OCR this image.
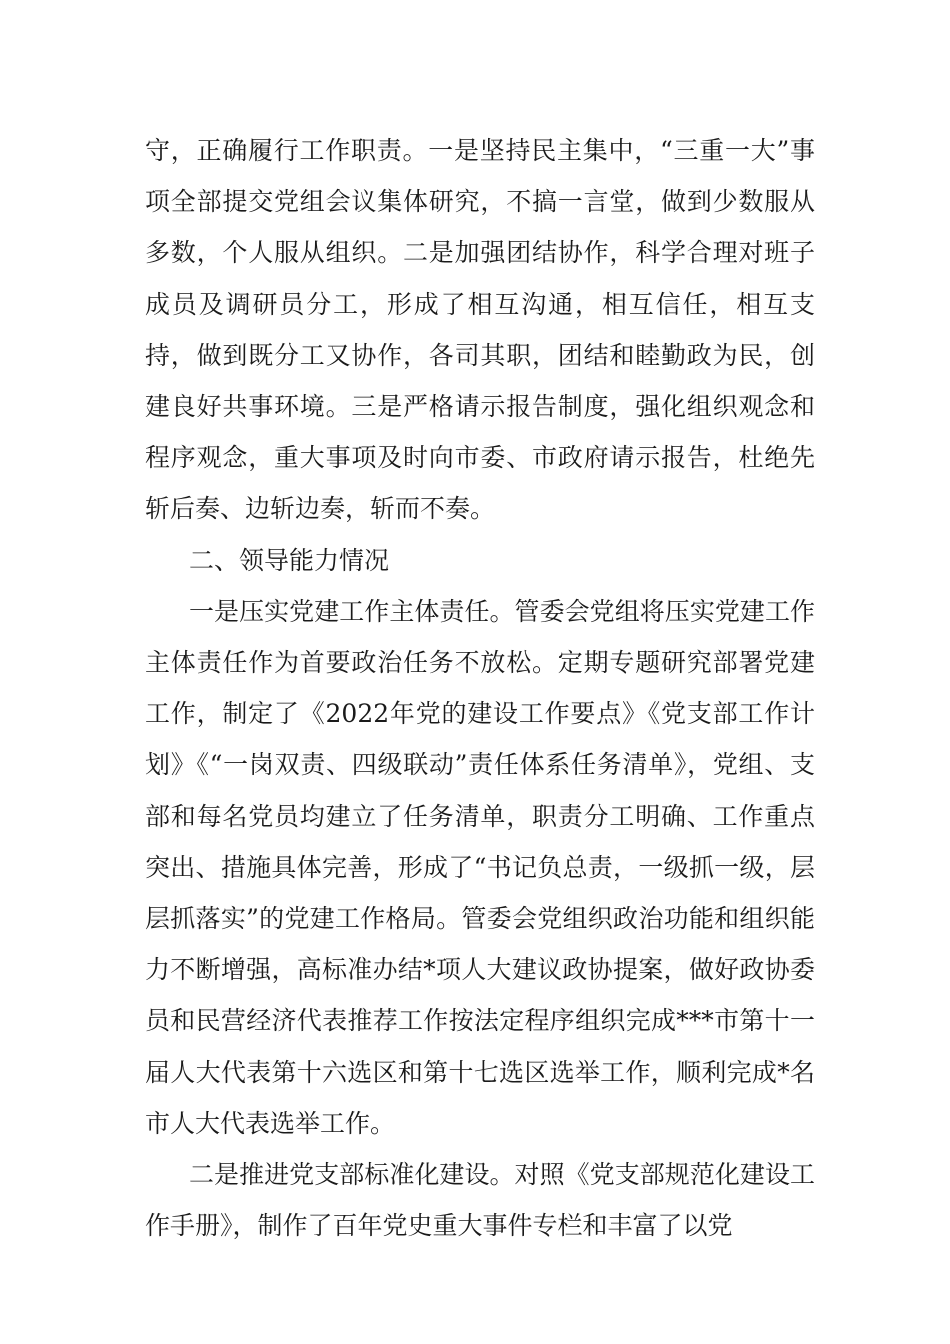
守，正确履行工作职责。一是坚持民主集中，“三重一大”事项全部提交党组会议集体研究，不搞一言堂，做到少数服从多数，个人服从组织。二是加强团结协作，科学合理对班子成员及调研员分工，形成了相互沟通，相互信任，相互支持，做到既分工又协作，各司其职，团结和睦勤政为民，创建良好共事环境。三是严格请示报告制度，强化组织观念和程序观念，重大事项及时向市委、市政府请示报告，杜绝先斩后奏、边斩边奏，斩而不奏。

二、领导能力情况

一是压实党建工作主体责任。管委会党组将压实党建工作主体责任作为首要政治任务不放松。定期专题研究部署党建工作，制定了《2022年党的建设工作要点》《党支部工作计划》《“一岗双责、四级联动”责任体系任务清单》，党组、支部和每名党员均建立了任务清单，职责分工明确、工作重点突出、措施具体完善，形成了“书记负总责，一级抓一级，层层抓落实”的党建工作格局。管委会党组织政治功能和组织能力不断增强，高标准办结*项人大建议政协提案，做好政协委员和民营经济代表推荐工作按法定程序组织完成***市第十一届人大代表第十六选区和第十七选区选举工作，顺利完成*名市人大代表选举工作。

二是推进党支部标准化建设。对照《党支部规范化建设工作手册》，制作了百年党史重大事件专栏和丰富了以党
